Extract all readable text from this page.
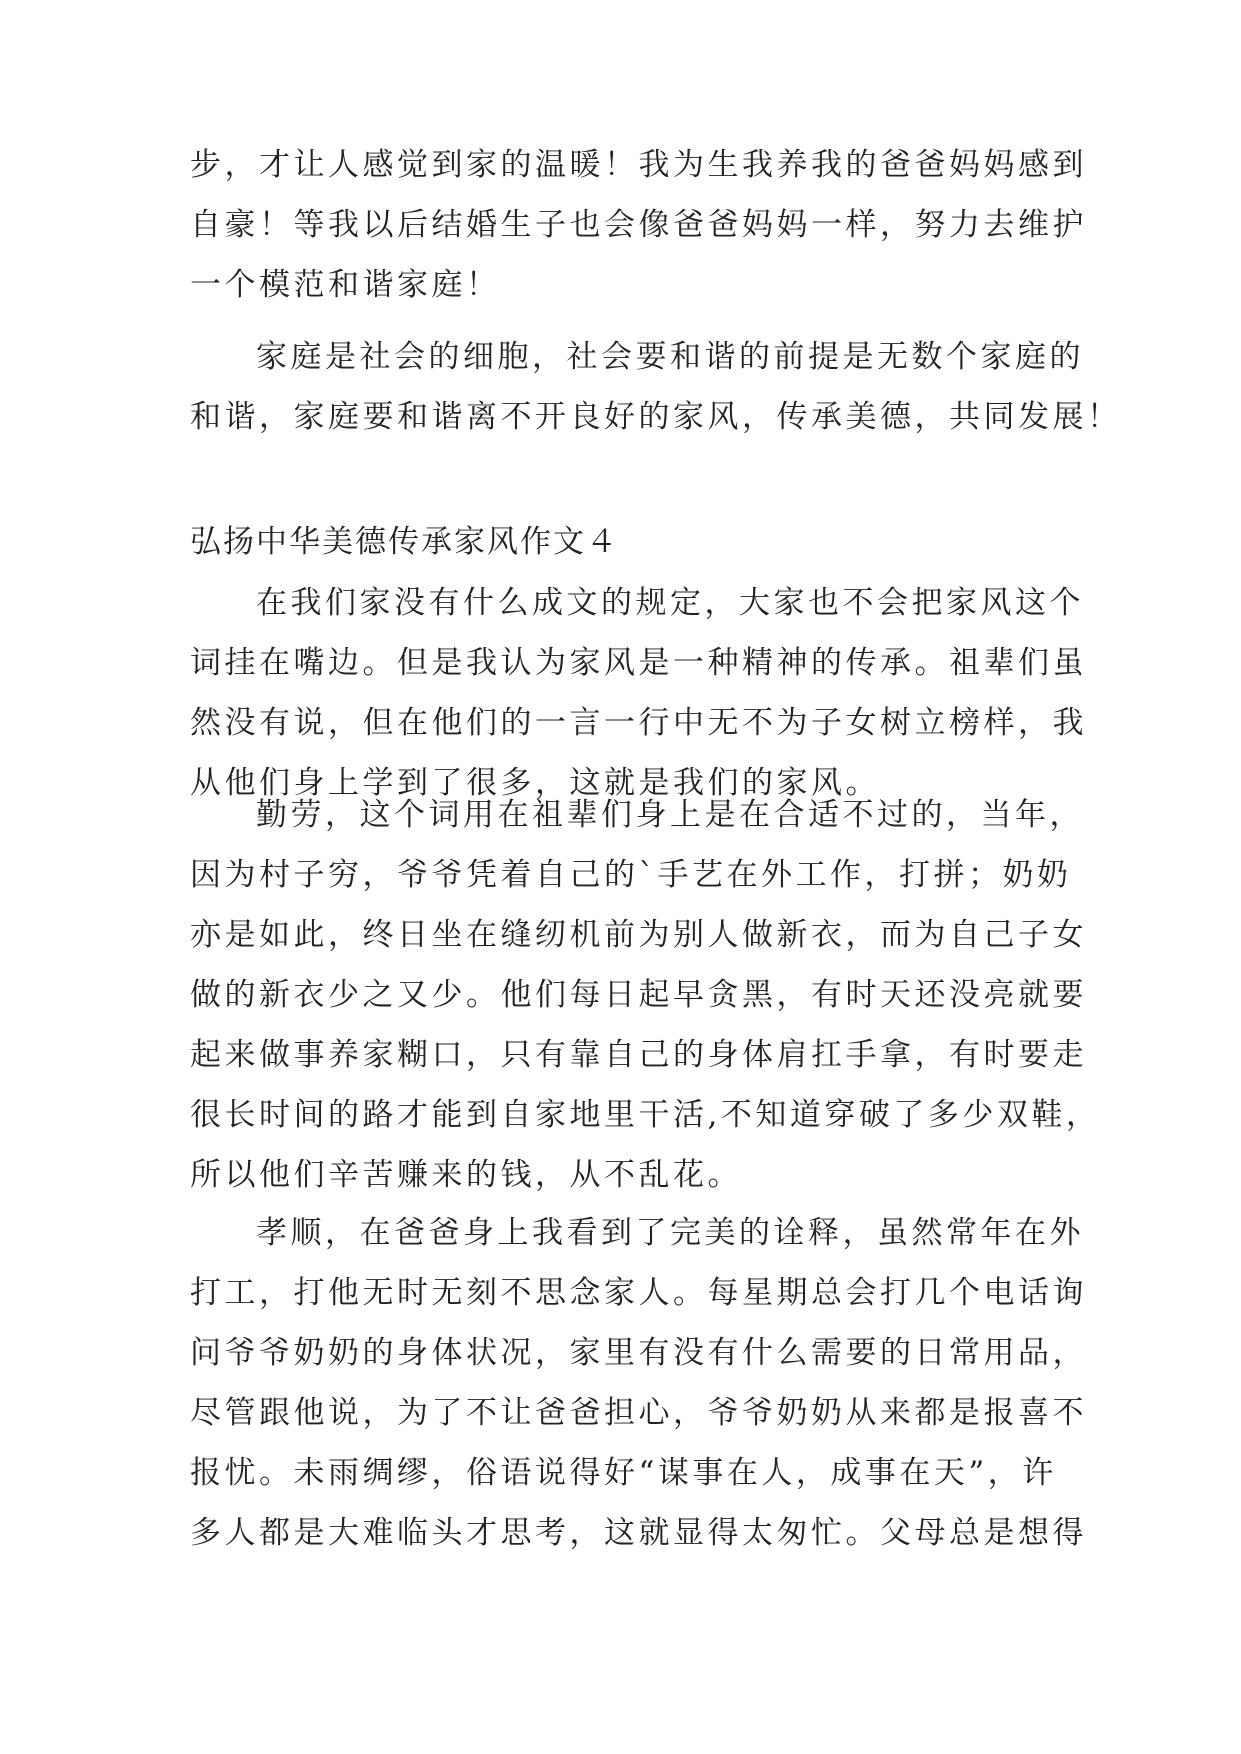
步，才让人感觉到家的温暖！我为生我养我的爸爸妈妈感到
自豪！等我以后结婚生子也会像爸爸妈妈一样，努力去维护
一个模范和谐家庭！

家庭是社会的细胞，社会要和谐的前提是无数个家庭的
和谐，家庭要和谐离不开良好的家风，传承美德，共同发展！

弘扬中华美德传承家风作文４

在我们家没有什么成文的规定，大家也不会把家风这个
词挂在嘴边。但是我认为家风是一种精神的传承。祖辈们虽
然没有说，但在他们的一言一行中无不为子女树立榜样，我
从他们身上学到了很多，这就是我们的家风。

勤劳，这个词用在祖辈们身上是在合适不过的，当年，
因为村子穷，爷爷凭着自己的`手艺在外工作，打拼；奶奶
亦是如此，终日坐在缝纫机前为别人做新衣，而为自己子女
做的新衣少之又少。他们每日起早贪黑，有时天还没亮就要
起来做事养家糊口，只有靠自己的身体肩扛手拿，有时要走
很长时间的路才能到自家地里干活,不知道穿破了多少双鞋，
所以他们辛苦赚来的钱，从不乱花。

孝顺，在爸爸身上我看到了完美的诠释，虽然常年在外
打工，打他无时无刻不思念家人。每星期总会打几个电话询
问爷爷奶奶的身体状况，家里有没有什么需要的日常用品，
尽管跟他说，为了不让爸爸担心，爷爷奶奶从来都是报喜不
报忧。未雨绸缪，俗语说得好“谋事在人，成事在天”，许
多人都是大难临头才思考，这就显得太匆忙。父母总是想得
